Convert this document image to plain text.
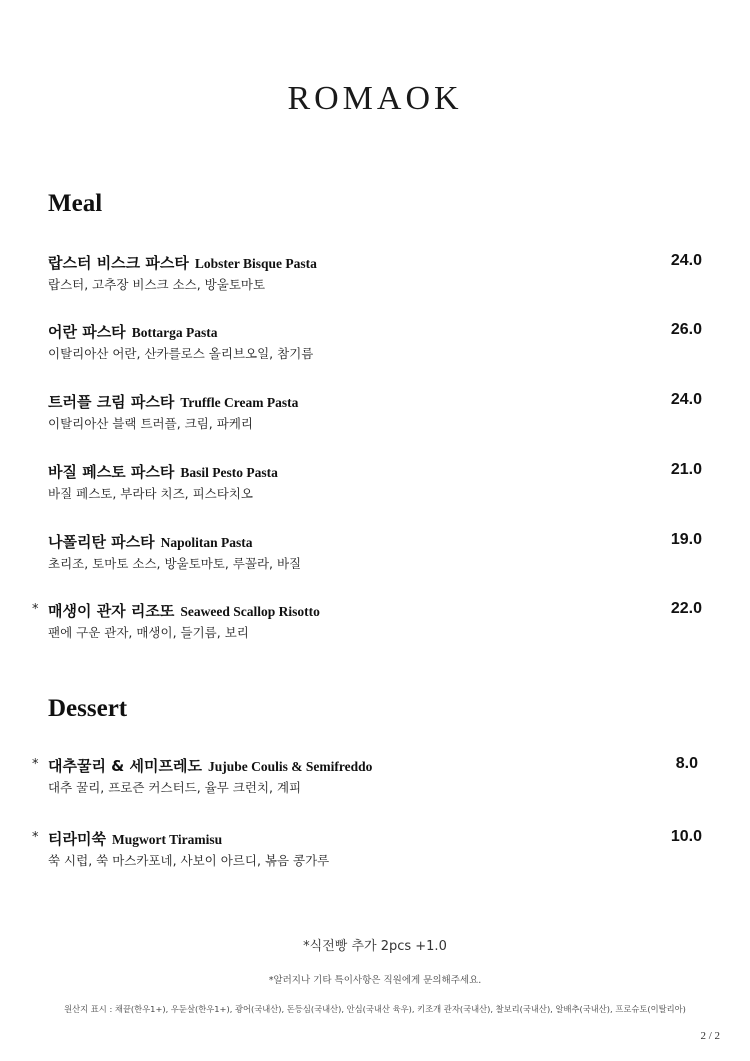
ROMAOK
Meal
랍스터 비스크 파스타 Lobster Bisque Pasta
랍스터, 고추장 비스크 소스, 방울토마토
24.0
어란 파스타 Bottarga Pasta
이탈리아산 어란, 산카를로스 올리브오일, 참기름
26.0
트러플 크림 파스타 Truffle Cream Pasta
이탈리아산 블랙 트러플, 크림, 파케리
24.0
바질 페스토 파스타 Basil Pesto Pasta
바질 페스토, 부라타 치즈, 피스타치오
21.0
나폴리탄 파스타 Napolitan Pasta
초리조, 토마토 소스, 방울토마토, 루꼴라, 바질
19.0
* 매생이 관자 리조또 Seaweed Scallop Risotto
팬에 구운 관자, 매생이, 들기름, 보리
22.0
Dessert
* 대추꿀리 & 세미프레도 Jujube Coulis & Semifreddo
대추 꿀리, 프로즌 커스터드, 율무 크런치, 계피
8.0
* 티라미쑥 Mugwort Tiramisu
쑥 시럽, 쑥 마스카포네, 사보이 아르디, 볶음 콩가루
10.0
*식전빵 추가 2pcs +1.0
*알러지나 기타 특이사항은 직원에게 문의해주세요.
원산지 표시 : 채끝(한우1+), 우둔살(한우1+), 광어(국내산), 돈등심(국내산), 안심(국내산 육우), 키조개 관자(국내산), 찰보리(국내산), 알배추(국내산), 프로슈토(이탈리아)
2 / 2
